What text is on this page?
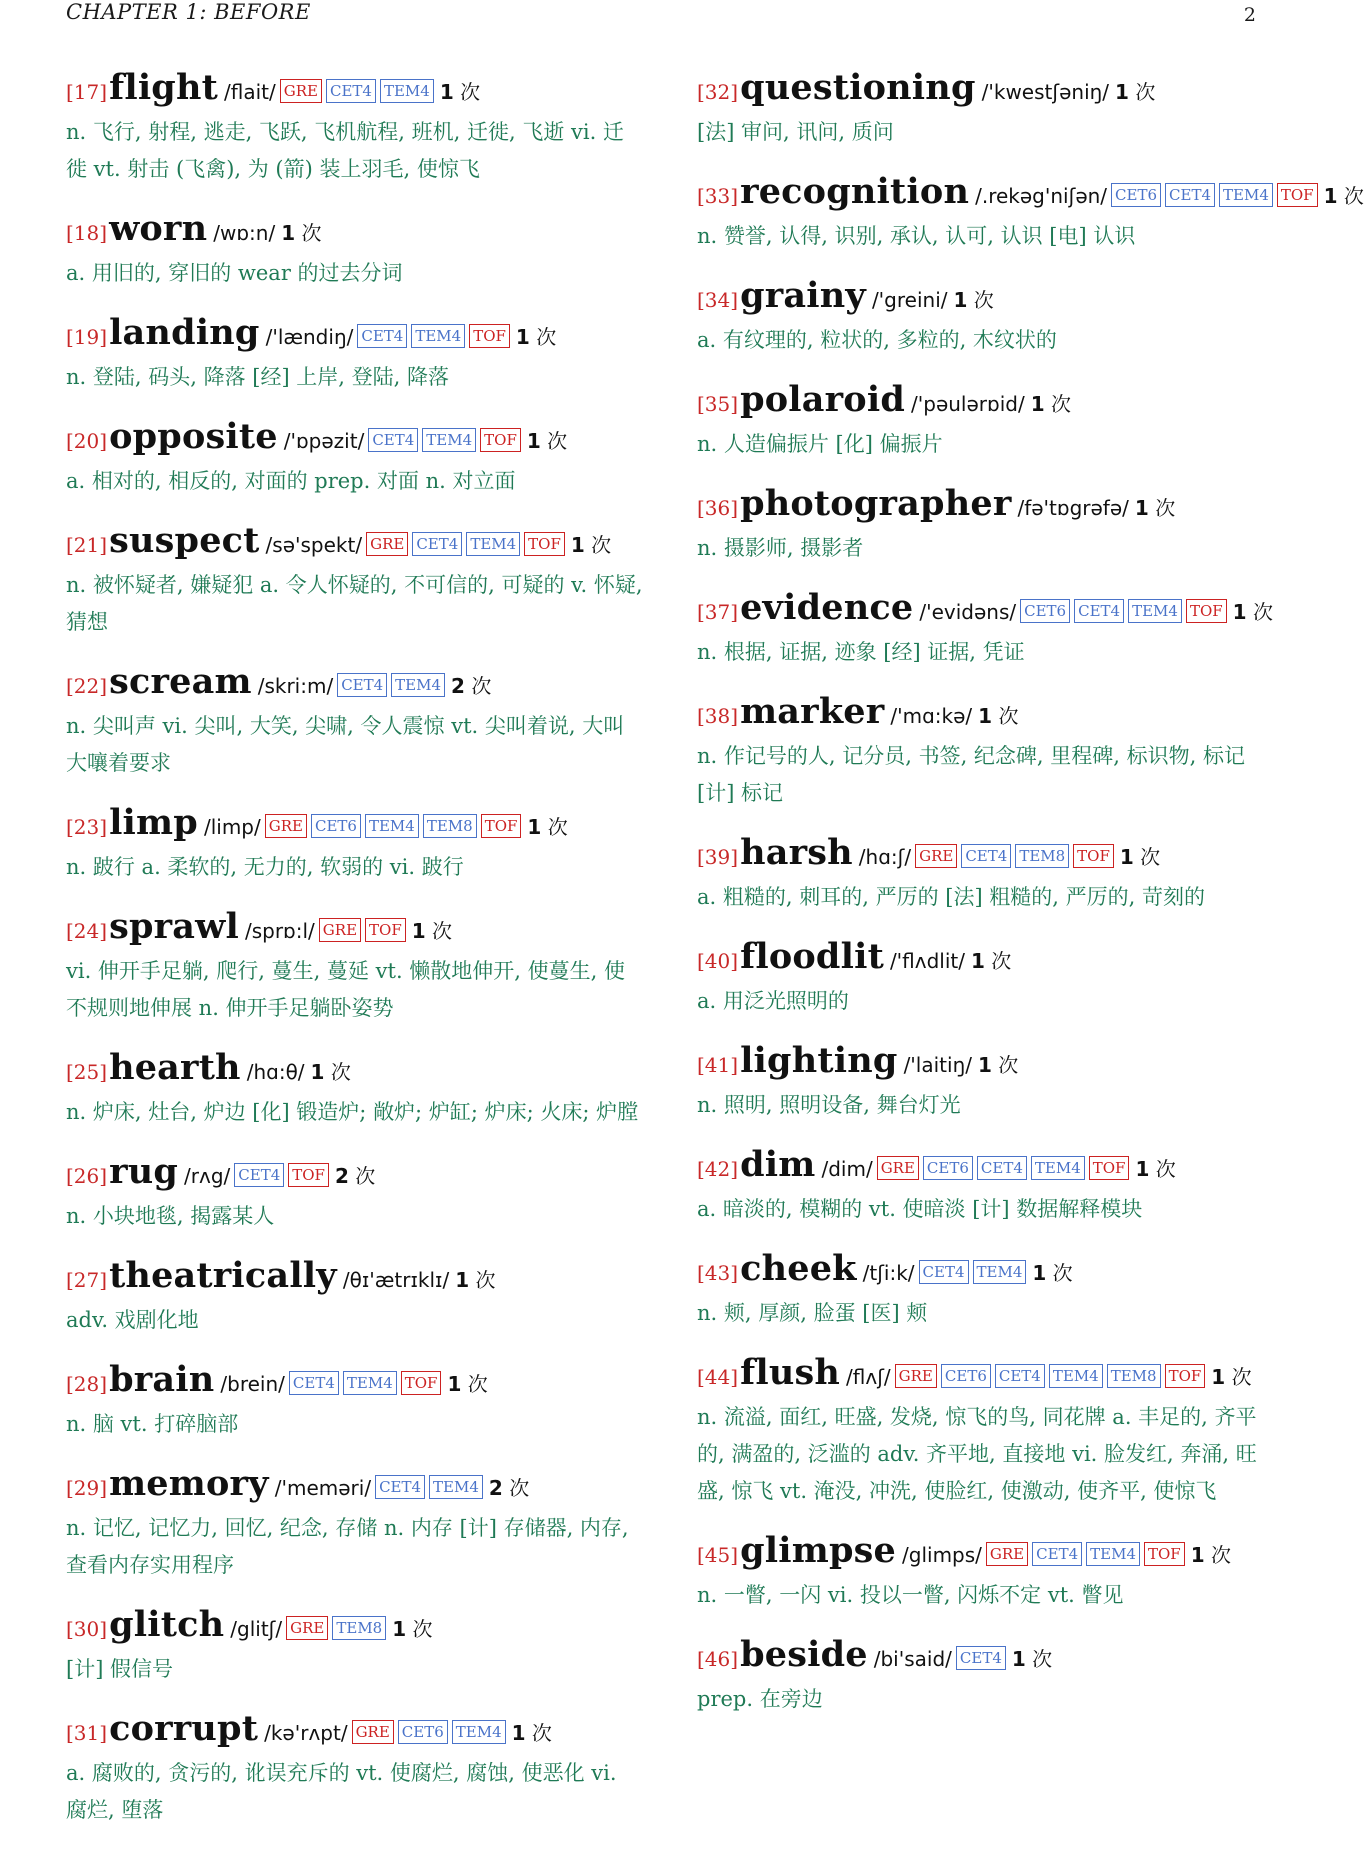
CHAPTER 1: BEFORE	2
[17]flight /flait/ GRE CET4 TEM4 1 次
n. 飞行, 射程, 逃走, 飞跃, 飞机航程, 班机, 迁徙, 飞逝 vi. 迁徙 vt. 射击 (飞禽), 为 (箭) 装上羽毛, 使惊飞
[18]worn /wɒ:n/ 1 次
a. 用旧的, 穿旧的 wear 的过去分词
[19]landing /'lændiŋ/ CET4 TEM4 TOF 1 次
n. 登陆, 码头, 降落 [经] 上岸, 登陆, 降落
[20]opposite /'ɒpəzit/ CET4 TEM4 TOF 1 次
a. 相对的, 相反的, 对面的 prep. 对面 n. 对立面
[21]suspect /sə'spekt/ GRE CET4 TEM4 TOF 1 次
n. 被怀疑者, 嫌疑犯 a. 令人怀疑的, 不可信的, 可疑的 v. 怀疑, 猜想
[22]scream /skri:m/ CET4 TEM4 2 次
n. 尖叫声 vi. 尖叫, 大笑, 尖啸, 令人震惊 vt. 尖叫着说, 大叫大嚷着要求
[23]limp /limp/ GRE CET6 TEM4 TEM8 TOF 1 次
n. 跛行 a. 柔软的, 无力的, 软弱的 vi. 跛行
[24]sprawl /sprɒ:l/ GRE TOF 1 次
vi. 伸开手足躺, 爬行, 蔓生, 蔓延 vt. 懒散地伸开, 使蔓生, 使不规则地伸展 n. 伸开手足躺卧姿势
[25]hearth /hɑ:θ/ 1 次
n. 炉床, 灶台, 炉边 [化] 锻造炉; 敞炉; 炉缸; 炉床; 火床; 炉膛
[26]rug /rʌg/ CET4 TOF 2 次
n. 小块地毯, 揭露某人
[27]theatrically /θɪ'ætrɪklɪ/ 1 次
adv. 戏剧化地
[28]brain /brein/ CET4 TEM4 TOF 1 次
n. 脑 vt. 打碎脑部
[29]memory /'meməri/ CET4 TEM4 2 次
n. 记忆, 记忆力, 回忆, 纪念, 存储 n. 内存 [计] 存储器, 内存, 查看内存实用程序
[30]glitch /glitʃ/ GRE TEM8 1 次
[计] 假信号
[31]corrupt /kə'rʌpt/ GRE CET6 TEM4 1 次
a. 腐败的, 贪污的, 讹误充斥的 vt. 使腐烂, 腐蚀, 使恶化 vi. 腐烂, 堕落
[32]questioning /'kwestʃəniŋ/ 1 次
[法] 审问, 讯问, 质问
[33]recognition /.rekəg'niʃən/ CET6 CET4 TEM4 TOF 1 次
n. 赞誉, 认得, 识别, 承认, 认可, 认识 [电] 认识
[34]grainy /'greini/ 1 次
a. 有纹理的, 粒状的, 多粒的, 木纹状的
[35]polaroid /'pəulərɒid/ 1 次
n. 人造偏振片 [化] 偏振片
[36]photographer /fə'tɒgrəfə/ 1 次
n. 摄影师, 摄影者
[37]evidence /'evidəns/ CET6 CET4 TEM4 TOF 1 次
n. 根据, 证据, 迹象 [经] 证据, 凭证
[38]marker /'mɑ:kə/ 1 次
n. 作记号的人, 记分员, 书签, 纪念碑, 里程碑, 标识物, 标记 [计] 标记
[39]harsh /hɑ:ʃ/ GRE CET4 TEM8 TOF 1 次
a. 粗糙的, 刺耳的, 严厉的 [法] 粗糙的, 严厉的, 苛刻的
[40]floodlit /'flʌdlit/ 1 次
a. 用泛光照明的
[41]lighting /'laitiŋ/ 1 次
n. 照明, 照明设备, 舞台灯光
[42]dim /dim/ GRE CET6 CET4 TEM4 TOF 1 次
a. 暗淡的, 模糊的 vt. 使暗淡 [计] 数据解释模块
[43]cheek /tʃi:k/ CET4 TEM4 1 次
n. 颊, 厚颜, 脸蛋 [医] 颊
[44]flush /flʌʃ/ GRE CET6 CET4 TEM4 TEM8 TOF 1 次
n. 流溢, 面红, 旺盛, 发烧, 惊飞的鸟, 同花牌 a. 丰足的, 齐平的, 满盈的, 泛滥的 adv. 齐平地, 直接地 vi. 脸发红, 奔涌, 旺盛, 惊飞 vt. 淹没, 冲洗, 使脸红, 使激动, 使齐平, 使惊飞
[45]glimpse /glimps/ GRE CET4 TEM4 TOF 1 次
n. 一瞥, 一闪 vi. 投以一瞥, 闪烁不定 vt. 瞥见
[46]beside /bi'said/ CET4 1 次
prep. 在旁边
